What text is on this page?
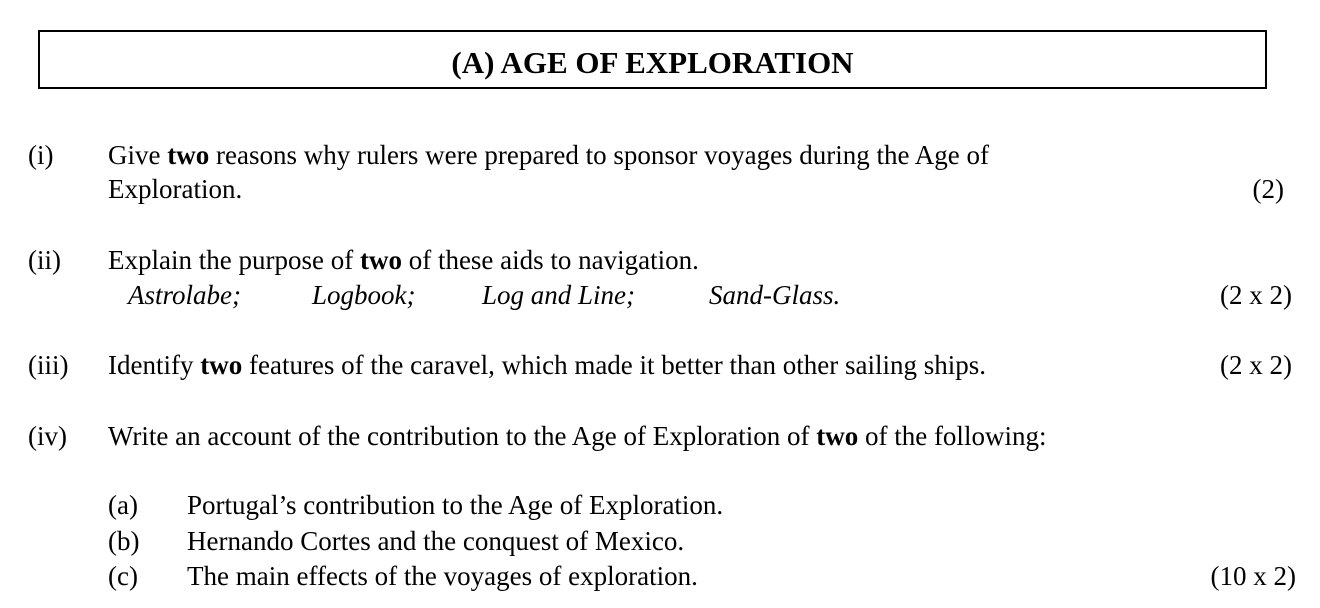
(A) AGE OF EXPLORATION
(i) Give two reasons why rulers were prepared to sponsor voyages during the Age of
Exploration.	(2)
(ii) Explain the purpose of two of these aids to navigation.
Astrolabe;	Logbook; Log and Line;	Sand-Glass.	(2 x 2)
(iii) Identify two features of the caravel, which made it better than other sailing ships.	(2 x 2)
(iv) Write an account of the contribution to the Age of Exploration of two of the following:
(a) Portugal’s contribution to the Age of Exploration.
(b) Hernando Cortes and the conquest of Mexico.
(c) The main effects of the voyages of exploration.	(10 x 2)
